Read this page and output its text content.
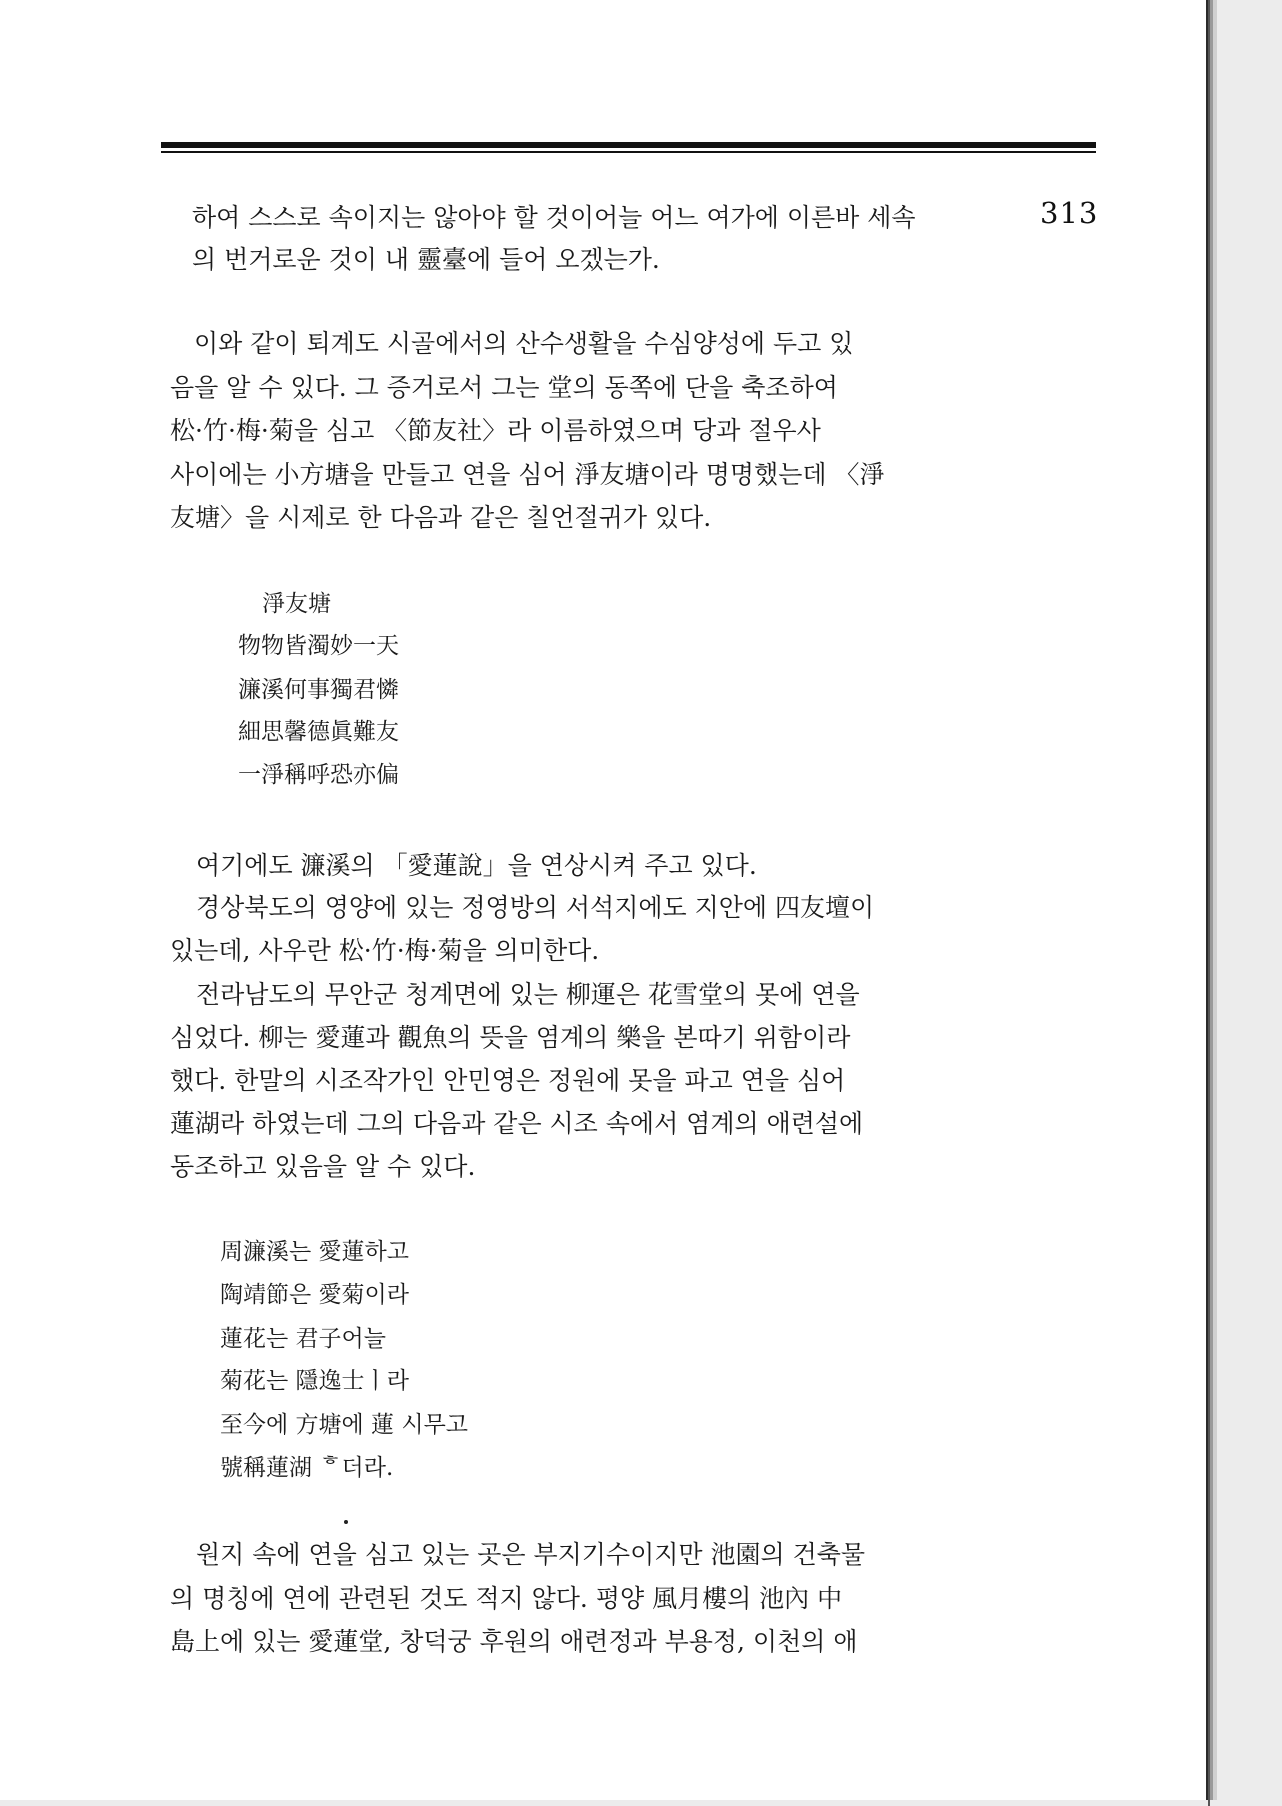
313
하여 스스로 속이지는 않아야 할 것이어늘 어느 여가에 이른바 세속
의 번거로운 것이 내 靈臺에 들어 오겠는가.
이와 같이 퇴계도 시골에서의 산수생활을 수심양성에 두고 있
음을 알 수 있다. 그 증거로서 그는 堂의 동쪽에 단을 축조하여
松·竹·梅·菊을 심고 〈節友社〉라 이름하였으며 당과 절우사
사이에는 小方塘을 만들고 연을 심어 淨友塘이라 명명했는데 〈淨
友塘〉을 시제로 한 다음과 같은 칠언절귀가 있다.
淨友塘
物物皆濁妙一天
濂溪何事獨君憐
細思馨德眞難友
一淨稱呼恐亦偏
여기에도 濂溪의 「愛蓮說」을 연상시켜 주고 있다.
경상북도의 영양에 있는 정영방의 서석지에도 지안에 四友壇이
있는데, 사우란 松·竹·梅·菊을 의미한다.
전라남도의 무안군 청계면에 있는 柳運은 花雪堂의 못에 연을
심었다. 柳는 愛蓮과 觀魚의 뜻을 염계의 樂을 본따기 위함이라
했다. 한말의 시조작가인 안민영은 정원에 못을 파고 연을 심어
蓮湖라 하였는데 그의 다음과 같은 시조 속에서 염계의 애련설에
동조하고 있음을 알 수 있다.
周濂溪는 愛蓮하고
陶靖節은 愛菊이라
蓮花는 君子어늘
菊花는 隱逸士ㅣ라
至今에 方塘에 蓮 시무고
號稱蓮湖 ᄒ더라.
원지 속에 연을 심고 있는 곳은 부지기수이지만 池園의 건축물
의 명칭에 연에 관련된 것도 적지 않다. 평양 風月樓의 池內 中
島上에 있는 愛蓮堂, 창덕궁 후원의 애련정과 부용정, 이천의 애
